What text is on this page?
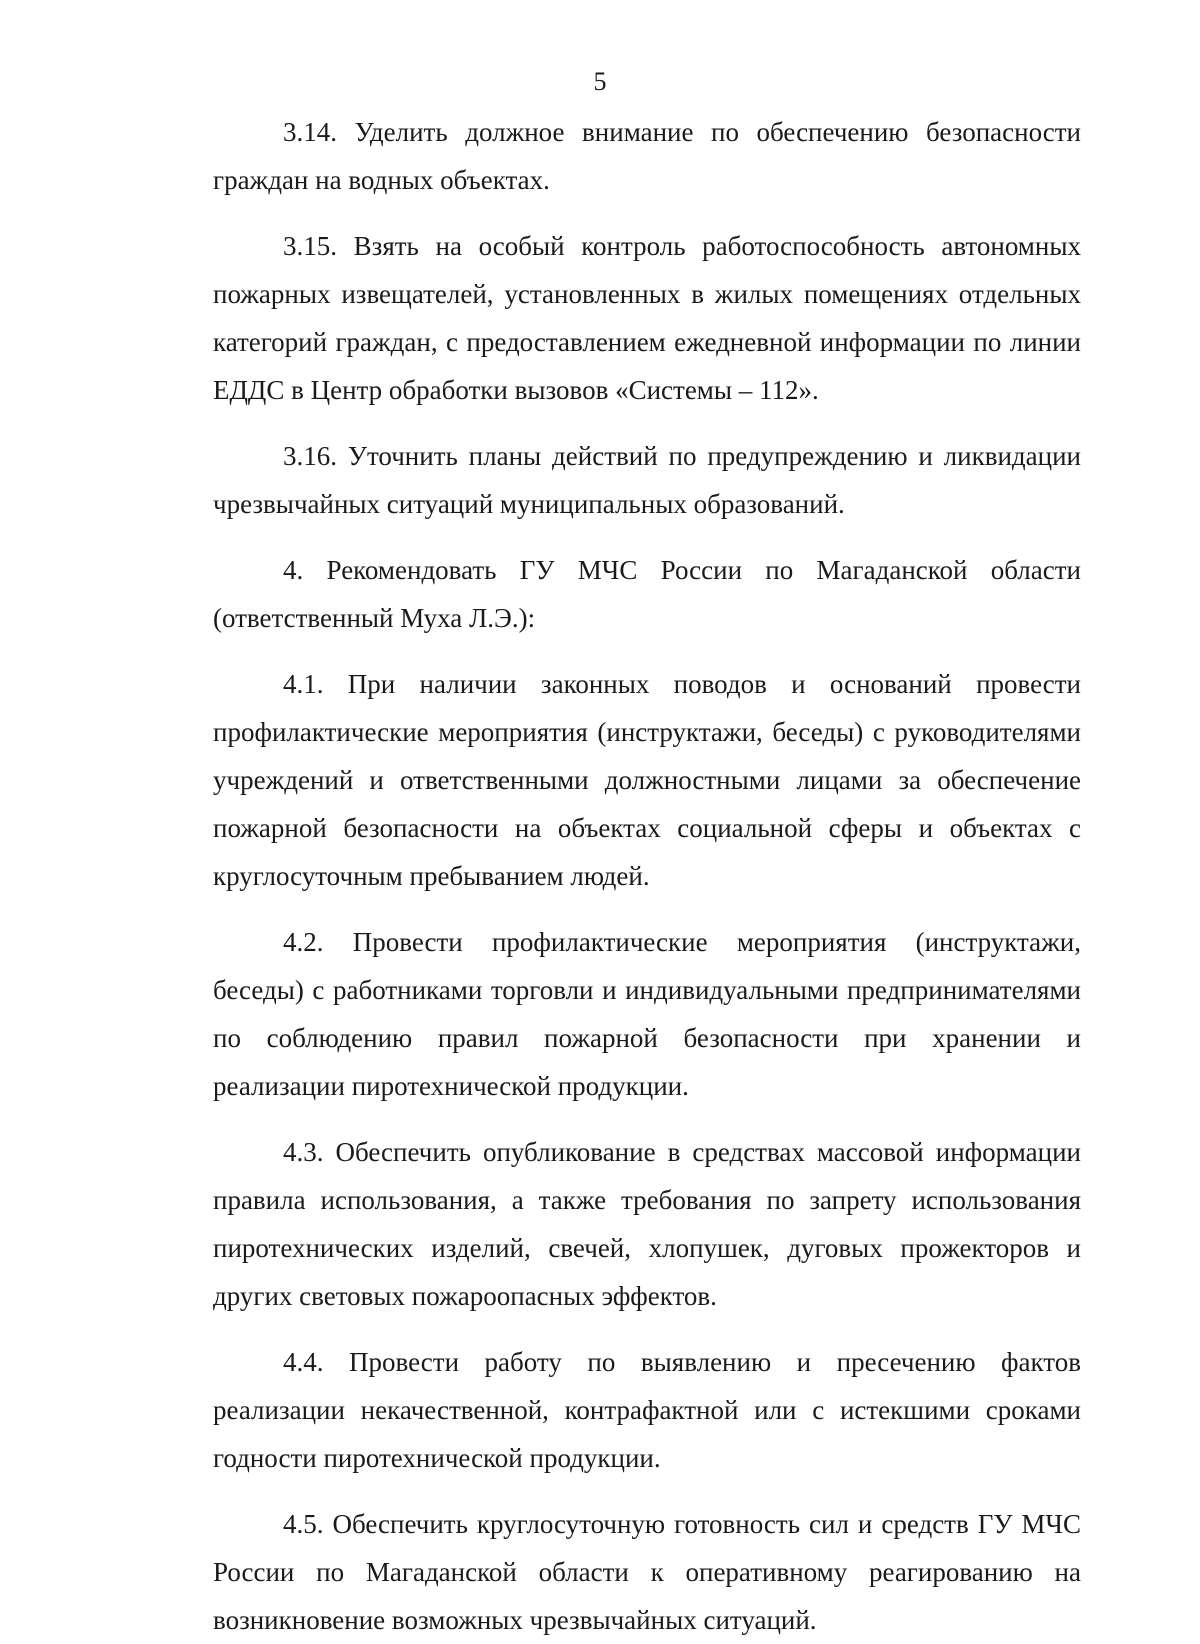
5

3.14. Уделить должное внимание по обеспечению безопасности граждан на водных объектах.

3.15. Взять на особый контроль работоспособность автономных пожарных извещателей, установленных в жилых помещениях отдельных категорий граждан, с предоставлением ежедневной информации по линии ЕДДС в Центр обработки вызовов «Системы – 112».

3.16. Уточнить планы действий по предупреждению и ликвидации чрезвычайных ситуаций муниципальных образований.

4. Рекомендовать ГУ МЧС России по Магаданской области (ответственный Муха Л.Э.):

4.1. При наличии законных поводов и оснований провести профилактические мероприятия (инструктажи, беседы) с руководителями учреждений и ответственными должностными лицами за обеспечение пожарной безопасности на объектах социальной сферы и объектах с круглосуточным пребыванием людей.

4.2. Провести профилактические мероприятия (инструктажи, беседы) с работниками торговли и индивидуальными предпринимателями по соблюдению правил пожарной безопасности при хранении и реализации пиротехнической продукции.

4.3. Обеспечить опубликование в средствах массовой информации правила использования, а также требования по запрету использования пиротехнических изделий, свечей, хлопушек, дуговых прожекторов и других световых пожароопасных эффектов.

4.4. Провести работу по выявлению и пресечению фактов реализации некачественной, контрафактной или с истекшими сроками годности пиротехнической продукции.

4.5. Обеспечить круглосуточную готовность сил и средств ГУ МЧС России по Магаданской области к оперативному реагированию на возникновение возможных чрезвычайных ситуаций.
